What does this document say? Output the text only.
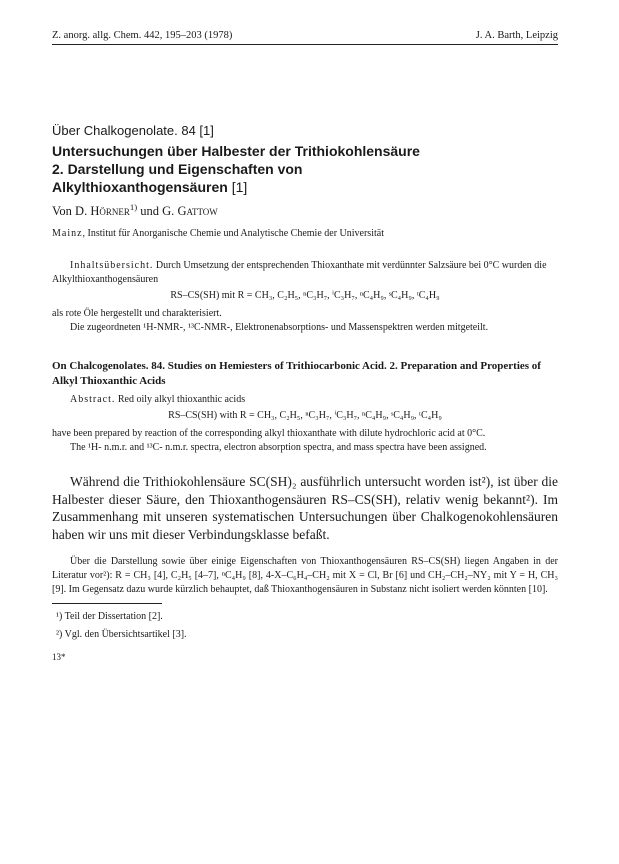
Z. anorg. allg. Chem. 442, 195–203 (1978)	J. A. Barth, Leipzig
Über Chalkogenolate. 84 [1]
Untersuchungen über Halbester der Trithiokohlensäure
2. Darstellung und Eigenschaften von
Alkylthioxanthogensäuren [1]
Von D. Hörner$^{1)}$ und G. Gattow
Mainz, Institut für Anorganische Chemie und Analytische Chemie der Universität
Inhaltsübersicht. Durch Umsetzung der entsprechenden Thioxanthate mit verdünnter Salzsäure bei 0°C wurden die Alkylthioxanthogensäuren
RS–CS(SH) mit R = CH₃, C₂H₅, ⁿC₃H₇, ⁱC₃H₇, ⁿC₄H₉, ˢC₄H₉, ᵗC₄H₉
als rote Öle hergestellt und charakterisiert.
Die zugeordneten ¹H-NMR-, ¹³C-NMR-, Elektronenabsorptions- und Massenspektren werden mitgeteilt.
On Chalcogenolates. 84. Studies on Hemiesters of Trithiocarbonic Acid. 2. Preparation and Properties of Alkyl Thioxanthic Acids
Abstract. Red oily alkyl thioxanthic acids
RS–CS(SH) with R = CH₃, C₂H₅, ⁿC₃H₇, ⁱC₃H₇, ⁿC₄H₉, ˢC₄H₉, ᵗC₄H₉
have been prepared by reaction of the corresponding alkyl thioxanthate with dilute hydrochloric acid at 0°C.
The ¹H- n.m.r. and ¹³C- n.m.r. spectra, electron absorption spectra, and mass spectra have been assigned.
Während die Trithiokohlensäure SC(SH)₂ ausführlich untersucht worden ist²), ist über die Halbester dieser Säure, den Thioxanthogensäuren RS–CS(SH), relativ wenig bekannt²). Im Zusammenhang mit unseren systematischen Untersuchungen über Chalkogenokohlensäuren haben wir uns mit dieser Verbindungsklasse befaßt.
Über die Darstellung sowie über einige Eigenschaften von Thioxanthogensäuren RS–CS(SH) liegen Angaben in der Literatur vor²): R = CH₃ [4], C₂H₅ [4–7], ⁿC₄H₉ [8], 4-X–C₆H₄–CH₂ mit X = Cl, Br [6] und CH₂–CH₂–NY₂ mit Y = H, CH₃ [9]. Im Gegensatz dazu wurde kürzlich behauptet, daß Thioxanthogensäuren in Substanz nicht isoliert werden könnten [10].
¹) Teil der Dissertation [2].
²) Vgl. den Übersichtsartikel [3].
13*
